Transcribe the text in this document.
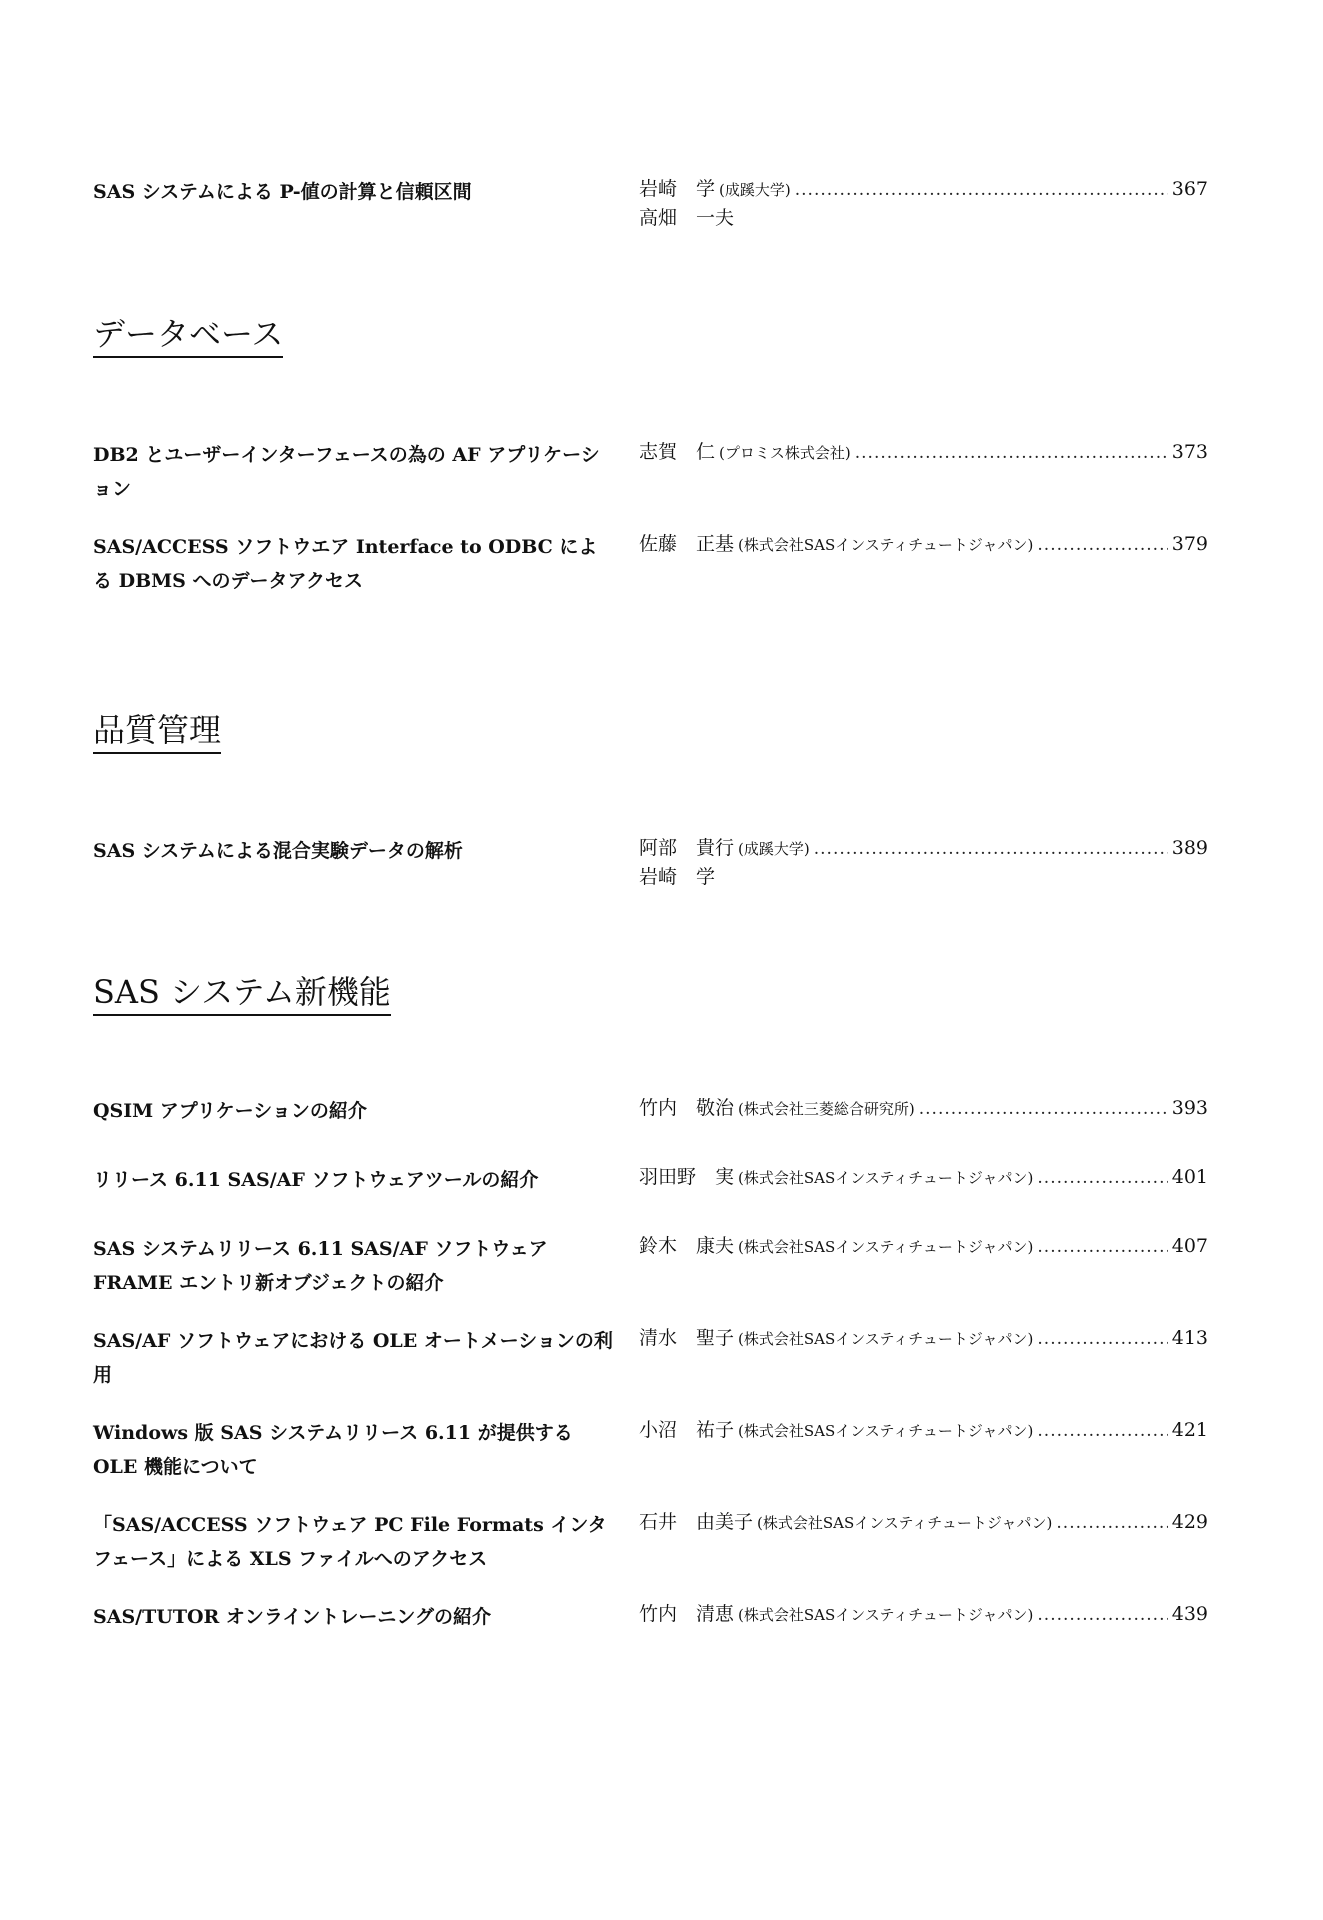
SAS システムによる P-値の計算と信頼区間	岩崎　学 (成蹊大学) .....	367
高畑　一夫
データベース
DB2 とユーザーインターフェースの為の AF アプリケーション
志賀　仁 (プロミス株式会社) .....	373
SAS/ACCESS ソフトウエア Interface to ODBC による DBMS へのデータアクセス
佐藤　正基 (株式会社SASインスティチュートジャパン) .....	379
品質管理
SAS システムによる混合実験データの解析	阿部　貴行 (成蹊大学) .....	389
岩崎　学
SAS システム新機能
QSIM アプリケーションの紹介	竹内　敬治 (株式会社三菱総合研究所) .....	393
リリース 6.11 SAS/AF ソフトウェアツールの紹介	羽田野　実 (株式会社SASインスティチュートジャパン) .....	401
SAS システムリリース 6.11 SAS/AF ソフトウェア FRAME エントリ新オブジェクトの紹介
鈴木　康夫 (株式会社SASインスティチュートジャパン) .....	407
SAS/AF ソフトウェアにおける OLE オートメーションの利用
清水　聖子 (株式会社SASインスティチュートジャパン) .....	413
Windows 版 SAS システムリリース 6.11 が提供する OLE 機能について
小沼　祐子 (株式会社SASインスティチュートジャパン) .....	421
「SAS/ACCESS ソフトウェア PC File Formats インタフェース」による XLS ファイルへのアクセス
石井　由美子 (株式会社SASインスティチュートジャパン) .....	429
SAS/TUTOR オンライントレーニングの紹介	竹内　清恵 (株式会社SASインスティチュートジャパン) .....	439
